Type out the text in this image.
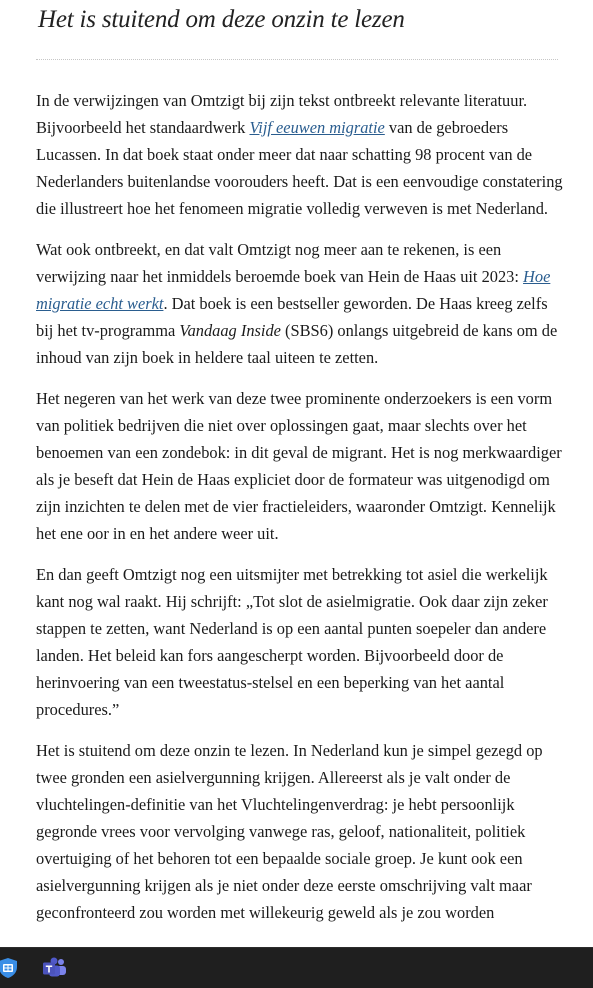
Het is stuitend om deze onzin te lezen

In de verwijzingen van Omtzigt bij zijn tekst ontbreekt relevante literatuur. Bijvoorbeeld het standaardwerk Vijf eeuwen migratie van de gebroeders Lucassen. In dat boek staat onder meer dat naar schatting 98 procent van de Nederlanders buitenlandse voorouders heeft. Dat is een eenvoudige constatering die illustreert hoe het fenomeen migratie volledig verweven is met Nederland.

Wat ook ontbreekt, en dat valt Omtzigt nog meer aan te rekenen, is een verwijzing naar het inmiddels beroemde boek van Hein de Haas uit 2023: Hoe migratie echt werkt. Dat boek is een bestseller geworden. De Haas kreeg zelfs bij het tv-programma Vandaag Inside (SBS6) onlangs uitgebreid de kans om de inhoud van zijn boek in heldere taal uiteen te zetten.

Het negeren van het werk van deze twee prominente onderzoekers is een vorm van politiek bedrijven die niet over oplossingen gaat, maar slechts over het benoemen van een zondebok: in dit geval de migrant. Het is nog merkwaardiger als je beseft dat Hein de Haas expliciet door de formateur was uitgenodigd om zijn inzichten te delen met de vier fractieleiders, waaronder Omtzigt. Kennelijk het ene oor in en het andere weer uit.

En dan geeft Omtzigt nog een uitsmijter met betrekking tot asiel die werkelijk kant nog wal raakt. Hij schrijft: „Tot slot de asielmigratie. Ook daar zijn zeker stappen te zetten, want Nederland is op een aantal punten soepeler dan andere landen. Het beleid kan fors aangescherpt worden. Bijvoorbeeld door de herinvoering van een tweestatus-stelsel en een beperking van het aantal procedures.”

Het is stuitend om deze onzin te lezen. In Nederland kun je simpel gezegd op twee gronden een asielvergunning krijgen. Allereerst als je valt onder de vluchtelingen-definitie van het Vluchtelingenverdrag: je hebt persoonlijk gegronde vrees voor vervolging vanwege ras, geloof, nationaliteit, politiek overtuiging of het behoren tot een bepaalde sociale groep. Je kunt ook een asielvergunning krijgen als je niet onder deze eerste omschrijving valt maar geconfronteerd zou worden met willekeurig geweld als je zou worden
